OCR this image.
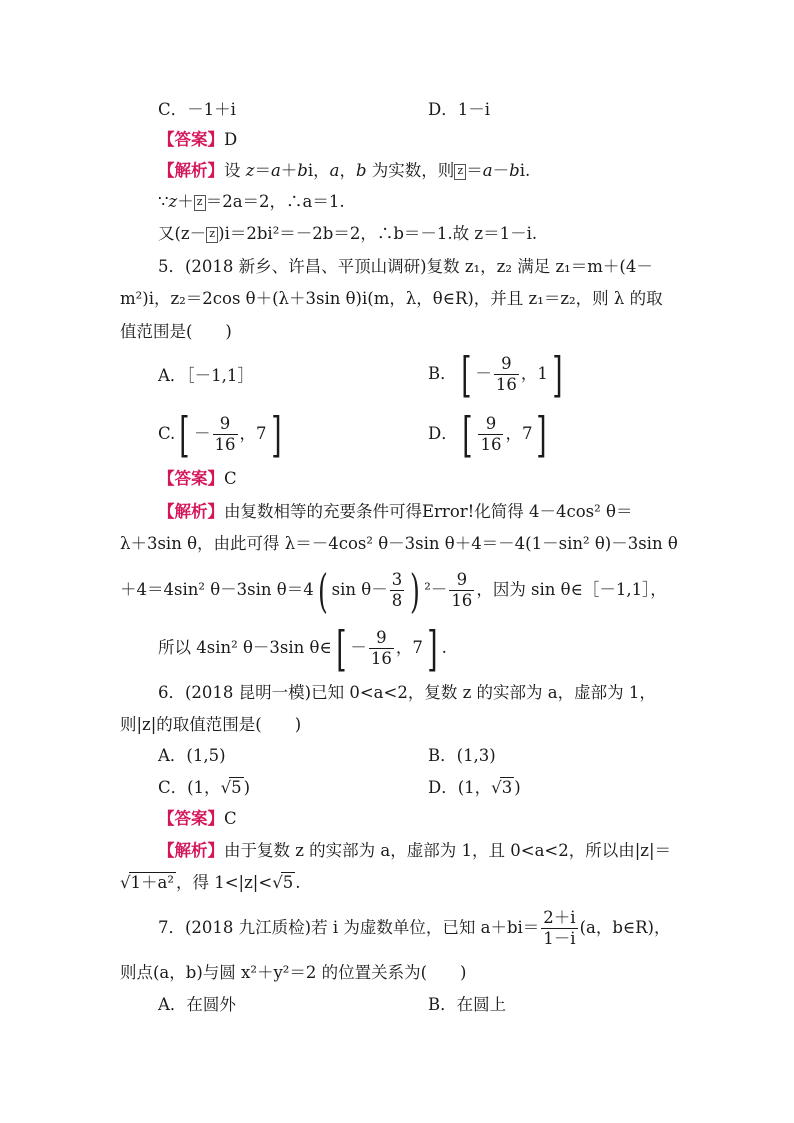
C．－1＋i	D．1－i
【答案】D
【解析】设 z＝a＋bi，a，b 为实数，则 z ＝a－bi.
∵z＋ z ＝2a＝2，∴a＝1.
又(z－ z )i＝2bi²＝－2b＝2，∴b＝－1.故 z＝1－i.
5．(2018 新乡、许昌、平顶山调研)复数 z₁，z₂ 满足 z₁＝m＋(4－
m²)i，z₂＝2cos θ＋(λ＋3sin θ)i(m，λ，θ∈R)，并且 z₁＝z₂，则 λ 的取
值范围是(　　)
A．［－1,1］	B．[ － $\frac{9}{16}$ ，1]
$C.[ - \frac{9}{16}$ ，7]	D．[ $\frac{9}{16}$ ，7]
【答案】C
【解析】由复数相等的充要条件可得Error!化简得 4－4cos² θ＝
λ＋3sin θ，由此可得 λ＝－4cos² θ－3sin θ＋4＝－4(1－sin² θ)－3sin θ
＋4＝4sin² θ－3sin θ＝4( $\sin \theta- \frac{3}{8}$ ) $^2- \frac{9}{16}$ ，因为 sin θ∈［－1,1］，
所以 4sin² θ－3sin θ∈[ － $\frac{9}{16}$ ，7] .
6．(2018 昆明一模)已知 0<a<2，复数 z 的实部为 a，虚部为 1，
则|z|的取值范围是(　　)
A．(1,5)	B．(1,3)
C．(1，√5 )	D．(1，√3 )
【答案】C
【解析】由于复数 z 的实部为 a，虚部为 1，且 0<a<2，所以由|z|＝
√1＋a² ，得 1<|z|<√5 .
7．(2018 九江质检)若 i 为虚数单位，已知 $a+bi= \frac{2+i}{1-i} (a$，b∈R)，
则点(a，b)与圆 x²＋y²＝2 的位置关系为(　　)
A．在圆外	B．在圆上
